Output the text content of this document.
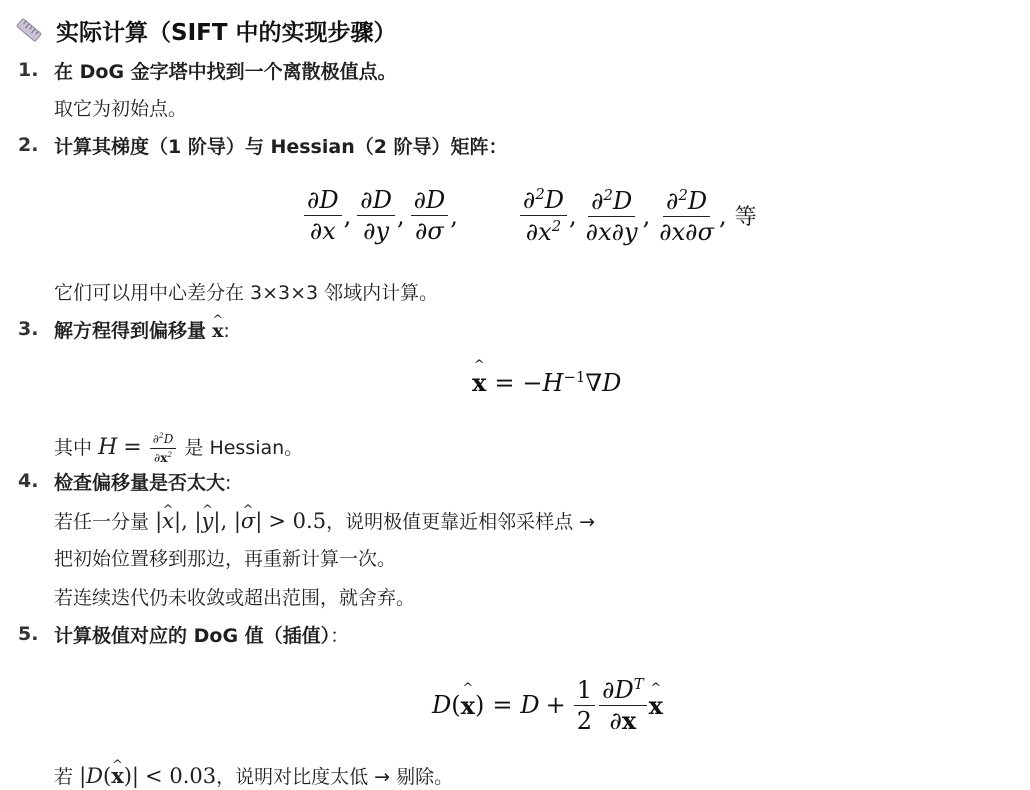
实际计算（SIFT 中的实现步骤）
1. 在 DoG 金字塔中找到一个离散极值点。
取它为初始点。
2. 计算其梯度（1 阶导）与 Hessian（2 阶导）矩阵：
$\frac{\partial D}{\partial x}$ , $\frac{\partial D}{\partial y}$ , $\frac{\partial D}{\partial\sigma}$ ,	$\frac{\partial^2D}{\partial x^2}$ , $\frac{\partial^2D}{\partial x\partial y}$ , $\frac{\partial^2D}{\partial x\partial\sigma}$ , 等
它们可以用中心差分在 3×3×3 邻域内计算。
3. 解方程得到偏移量 ^ x:
^ x = − $H^{-1}$ ∇ D
其中 $H = \frac{\partial^2D}{\partial x^2}$ 是 Hessian。
4. 检查偏移量是否太大:
若任一分量 |^ x|, |^ y|, |^ σ| > 0.5，说明极值更靠近相邻采样点 →
把初始位置移到那边，再重新计算一次。
若连续迭代仍未收敛或超出范围，就舍弃。
5. 计算极值对应的 DoG 值（插值）：
D ( ^ x ) = $D + \frac{1}{2} \frac{\partial D^T}{\partial x}$ ^ x
若 |D(^ x)| < 0.03，说明对比度太低 → 剔除。
